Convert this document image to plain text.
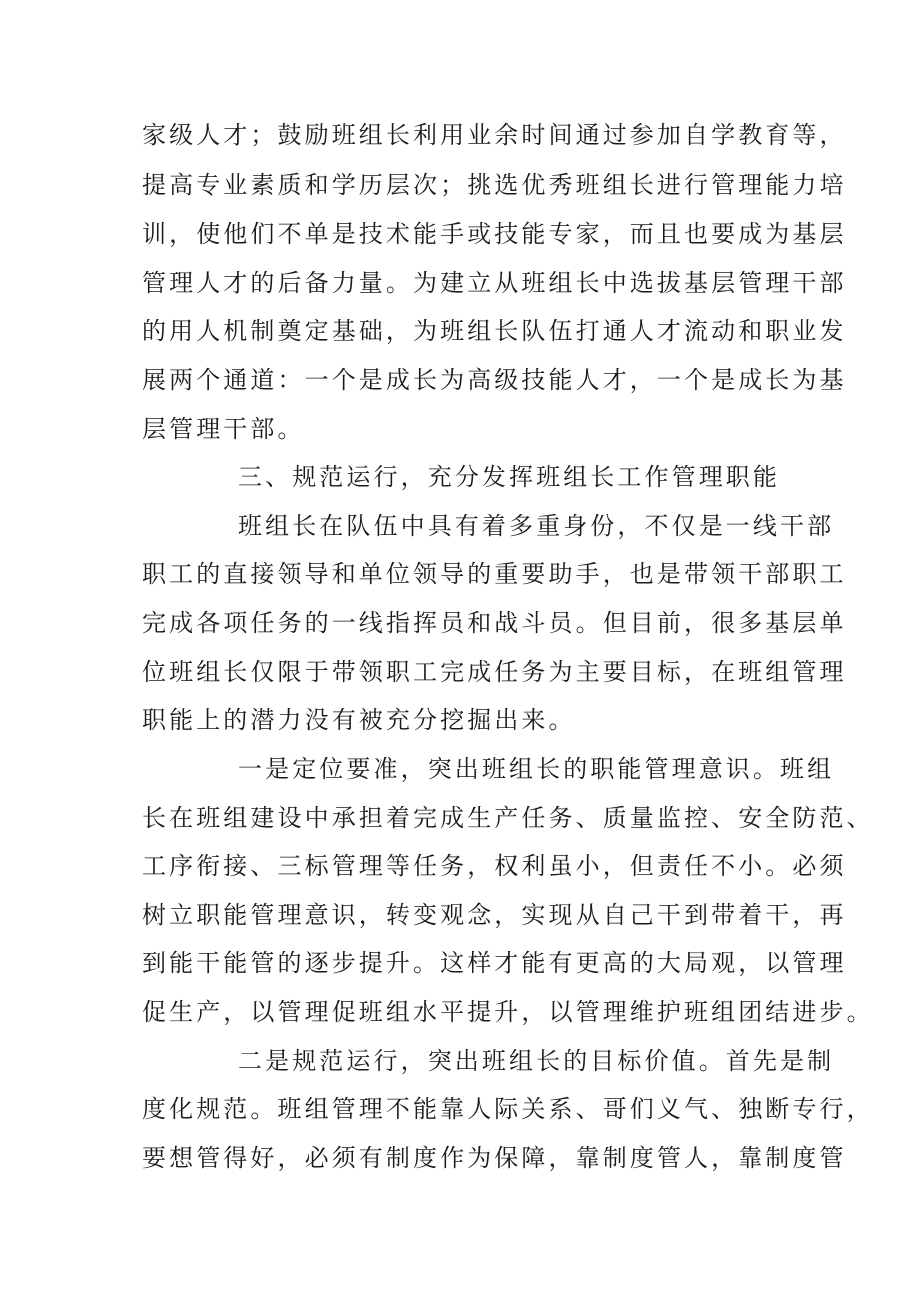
家级人才；鼓励班组长利用业余时间通过参加自学教育等，
提高专业素质和学历层次；挑选优秀班组长进行管理能力培
训，使他们不单是技术能手或技能专家，而且也要成为基层
管理人才的后备力量。为建立从班组长中选拔基层管理干部
的用人机制奠定基础，为班组长队伍打通人才流动和职业发
展两个通道：一个是成长为高级技能人才，一个是成长为基
层管理干部。
三、规范运行，充分发挥班组长工作管理职能
班组长在队伍中具有着多重身份，不仅是一线干部
职工的直接领导和单位领导的重要助手，也是带领干部职工
完成各项任务的一线指挥员和战斗员。但目前，很多基层单
位班组长仅限于带领职工完成任务为主要目标，在班组管理
职能上的潜力没有被充分挖掘出来。
一是定位要准，突出班组长的职能管理意识。班组
长在班组建设中承担着完成生产任务、质量监控、安全防范、
工序衔接、三标管理等任务，权利虽小，但责任不小。必须
树立职能管理意识，转变观念，实现从自己干到带着干，再
到能干能管的逐步提升。这样才能有更高的大局观，以管理
促生产，以管理促班组水平提升，以管理维护班组团结进步。
二是规范运行，突出班组长的目标价值。首先是制
度化规范。班组管理不能靠人际关系、哥们义气、独断专行，
要想管得好，必须有制度作为保障，靠制度管人，靠制度管
